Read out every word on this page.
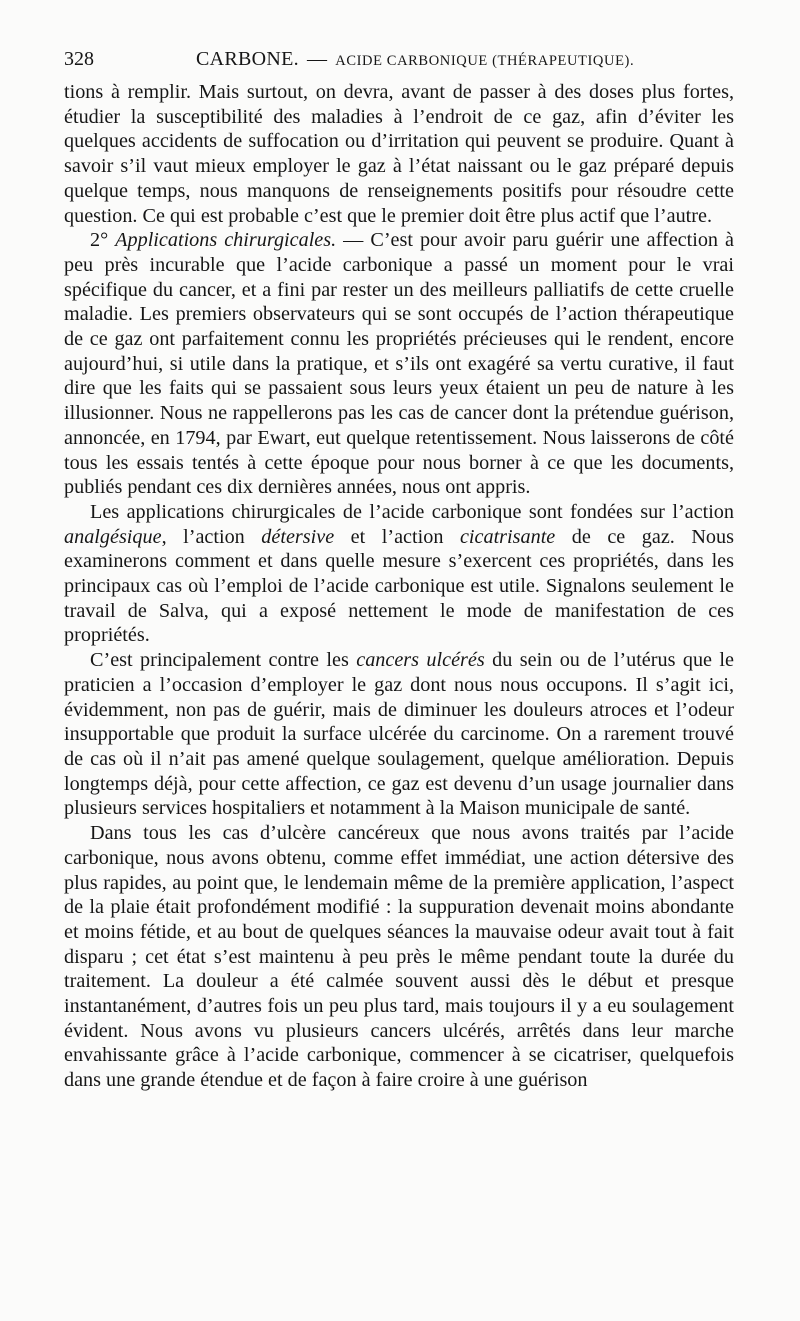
328	CARBONE. — ACIDE CARBONIQUE (THÉRAPEUTIQUE).

tions à remplir. Mais surtout, on devra, avant de passer à des doses plus fortes, étudier la susceptibilité des maladies à l’endroit de ce gaz, afin d’éviter les quelques accidents de suffocation ou d’irritation qui peuvent se produire. Quant à savoir s’il vaut mieux employer le gaz à l’état naissant ou le gaz préparé depuis quelque temps, nous manquons de renseignements positifs pour résoudre cette question. Ce qui est probable c’est que le premier doit être plus actif que l’autre.

2° Applications chirurgicales. — C’est pour avoir paru guérir une affection à peu près incurable que l’acide carbonique a passé un moment pour le vrai spécifique du cancer, et a fini par rester un des meilleurs palliatifs de cette cruelle maladie. Les premiers observateurs qui se sont occupés de l’action thérapeutique de ce gaz ont parfaitement connu les propriétés précieuses qui le rendent, encore aujourd’hui, si utile dans la pratique, et s’ils ont exagéré sa vertu curative, il faut dire que les faits qui se passaient sous leurs yeux étaient un peu de nature à les illusionner. Nous ne rappellerons pas les cas de cancer dont la prétendue guérison, annoncée, en 1794, par Ewart, eut quelque retentissement. Nous laisserons de côté tous les essais tentés à cette époque pour nous borner à ce que les documents, publiés pendant ces dix dernières années, nous ont appris.

Les applications chirurgicales de l’acide carbonique sont fondées sur l’action analgésique, l’action détersive et l’action cicatrisante de ce gaz. Nous examinerons comment et dans quelle mesure s’exercent ces propriétés, dans les principaux cas où l’emploi de l’acide carbonique est utile. Signalons seulement le travail de Salva, qui a exposé nettement le mode de manifestation de ces propriétés.

C’est principalement contre les cancers ulcérés du sein ou de l’utérus que le praticien a l’occasion d’employer le gaz dont nous nous occupons. Il s’agit ici, évidemment, non pas de guérir, mais de diminuer les douleurs atroces et l’odeur insupportable que produit la surface ulcérée du carcinome. On a rarement trouvé de cas où il n’ait pas amené quelque soulagement, quelque amélioration. Depuis longtemps déjà, pour cette affection, ce gaz est devenu d’un usage journalier dans plusieurs services hospitaliers et notamment à la Maison municipale de santé.

Dans tous les cas d’ulcère cancéreux que nous avons traités par l’acide carbonique, nous avons obtenu, comme effet immédiat, une action détersive des plus rapides, au point que, le lendemain même de la première application, l’aspect de la plaie était profondément modifié : la suppuration devenait moins abondante et moins fétide, et au bout de quelques séances la mauvaise odeur avait tout à fait disparu ; cet état s’est maintenu à peu près le même pendant toute la durée du traitement. La douleur a été calmée souvent aussi dès le début et presque instantanément, d’autres fois un peu plus tard, mais toujours il y a eu soulagement évident. Nous avons vu plusieurs cancers ulcérés, arrêtés dans leur marche envahissante grâce à l’acide carbonique, commencer à se cicatriser, quelquefois dans une grande étendue et de façon à faire croire à une guérison
